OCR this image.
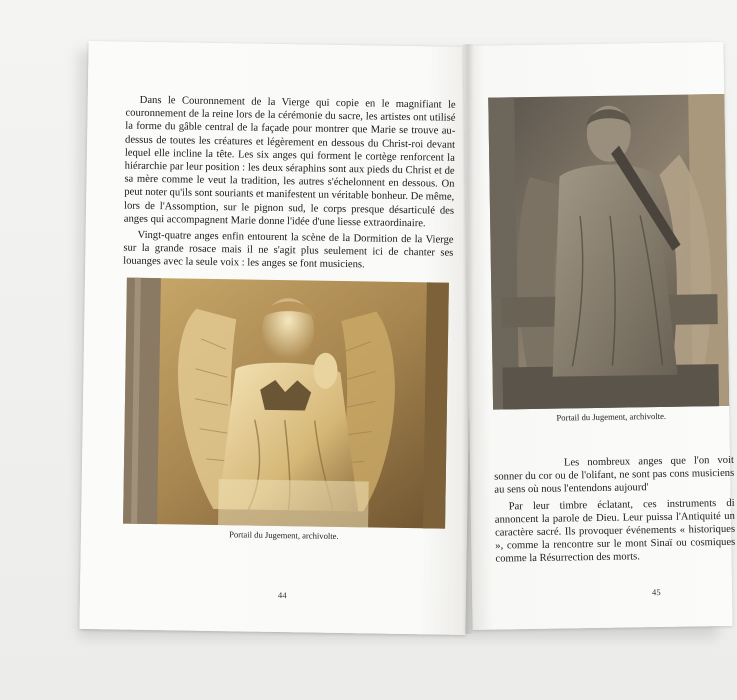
Dans le Couronnement de la Vierge qui copie en le magnifiant le couronnement de la reine lors de la cérémonie du sacre, les artistes ont utilisé la forme du gâble central de la façade pour montrer que Marie se trouve au-dessus de toutes les créatures et légèrement en dessous du Christ-roi devant lequel elle incline la tête. Les six anges qui forment le cortège renforcent la hiérarchie par leur position : les deux séraphins sont aux pieds du Christ et de sa mère comme le veut la tradition, les autres s'échelonnent en dessous. On peut noter qu'ils sont souriants et manifestent un véritable bonheur. De même, lors de l'Assomption, sur le pignon sud, le corps presque désarticulé des anges qui accompagnent Marie donne l'idée d'une liesse extraordinaire.

Vingt-quatre anges enfin entourent la scène de la Dormition de la Vierge sur la grande rosace mais il ne s'agit plus seulement ici de chanter ses louanges avec la seule voix : les anges se font musiciens.

Portail du Jugement, archivolte.
44
Portail du Jugement, archivolte.

Les nombreux anges que l'on voit sonner du cor ou de l'olifant, ne sont pas cons musiciens au sens où nous l'entendons aujourd'

Par leur timbre éclatant, ces instruments di annoncent la parole de Dieu. Leur puissa l'Antiquité un caractère sacré. Ils provoquer événements « historiques », comme la rencontre sur le mont Sinaï ou cosmiques comme la Résurrection des morts.

45
